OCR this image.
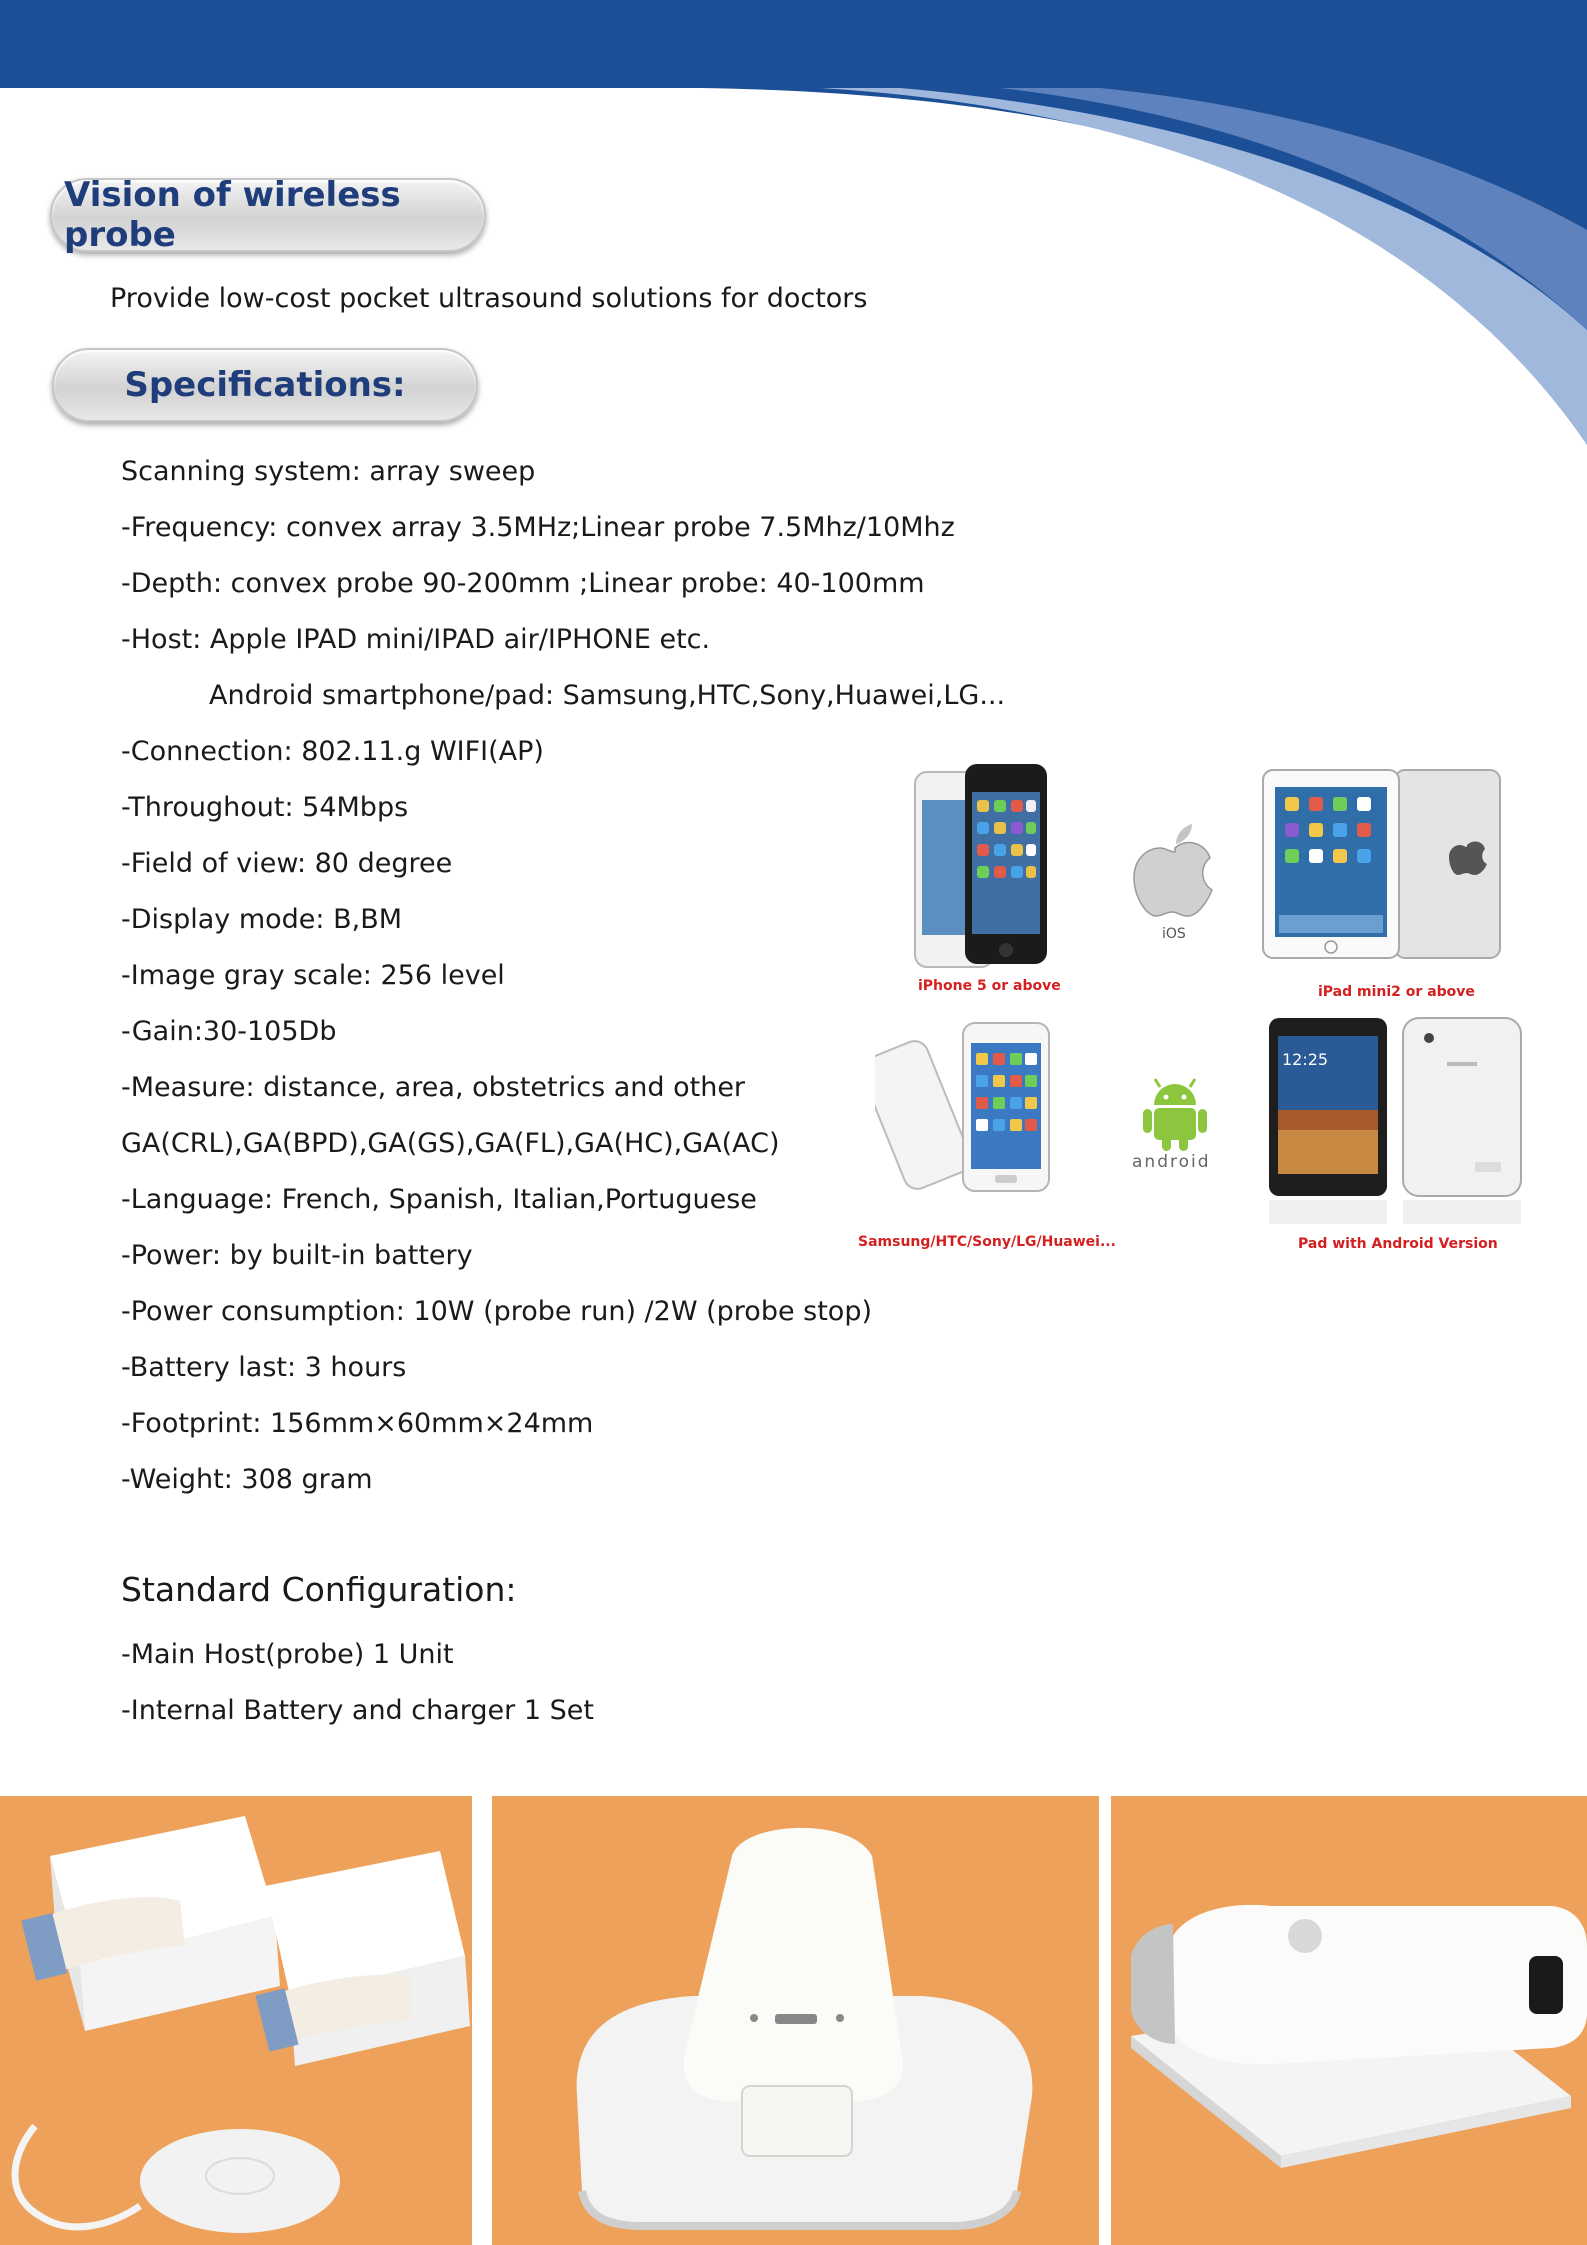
Vision of wireless probe
Provide low-cost pocket ultrasound solutions for doctors
Specifications:
Scanning system: array sweep
-Frequency: convex array 3.5MHz;Linear probe 7.5Mhz/10Mhz
-Depth: convex probe 90-200mm ;Linear probe: 40-100mm
-Host: Apple IPAD mini/IPAD air/IPHONE etc.
Android smartphone/pad: Samsung,HTC,Sony,Huawei,LG...
-Connection: 802.11.g WIFI(AP)
-Throughout: 54Mbps
-Field of view: 80 degree
-Display mode: B,BM
-Image gray scale: 256 level
-Gain:30-105Db
-Measure: distance, area, obstetrics and other
GA(CRL),GA(BPD),GA(GS),GA(FL),GA(HC),GA(AC)
-Language: French, Spanish, Italian,Portuguese
-Power: by built-in battery
-Power consumption: 10W (probe run) /2W (probe stop)
-Battery last: 3 hours
-Footprint: 156mm×60mm×24mm
-Weight: 308 gram
Standard Configuration:
-Main Host(probe) 1 Unit
-Internal Battery and charger 1 Set
iPhone 5 or above
iOS
iPad mini2 or above
Samsung/HTC/Sony/LG/Huawei...
android
12:25
Pad with Android Version
